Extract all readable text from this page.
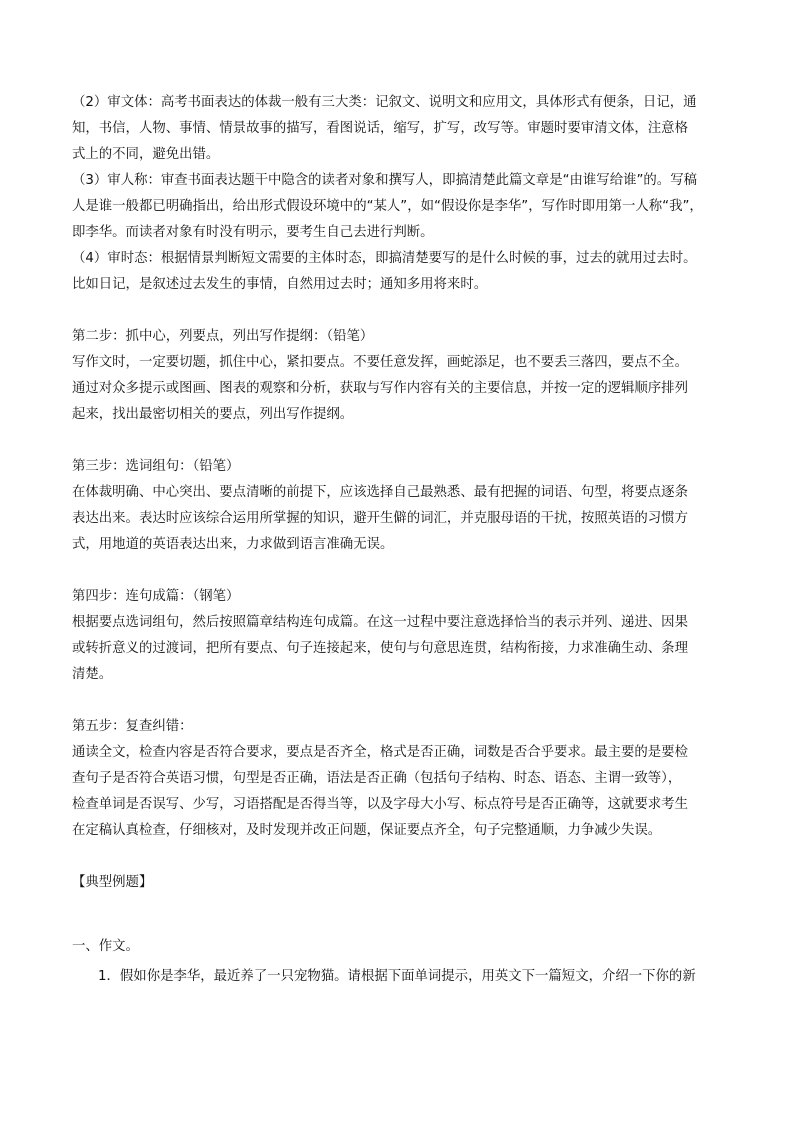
（2）审文体：高考书面表达的体裁一般有三大类：记叙文、说明文和应用文，具体形式有便条，日记，通

知，书信，人物、事情、情景故事的描写，看图说话，缩写，扩写，改写等。审题时要审清文体，注意格

式上的不同，避免出错。

（3）审人称：审查书面表达题干中隐含的读者对象和撰写人，即搞清楚此篇文章是“由谁写给谁”的。写稿

人是谁一般都已明确指出，给出形式假设环境中的“某人”，如“假设你是李华”，写作时即用第一人称“我”，

即李华。而读者对象有时没有明示，要考生自己去进行判断。

（4）审时态：根据情景判断短文需要的主体时态，即搞清楚要写的是什么时候的事，过去的就用过去时。

比如日记，是叙述过去发生的事情，自然用过去时；通知多用将来时。

第二步：抓中心，列要点，列出写作提纲：（铅笔）

写作文时，一定要切题，抓住中心，紧扣要点。不要任意发挥，画蛇添足，也不要丢三落四，要点不全。

通过对众多提示或图画、图表的观察和分析，获取与写作内容有关的主要信息，并按一定的逻辑顺序排列

起来，找出最密切相关的要点，列出写作提纲。

第三步：选词组句：（铅笔）

在体裁明确、中心突出、要点清晰的前提下，应该选择自己最熟悉、最有把握的词语、句型，将要点逐条

表达出来。表达时应该综合运用所掌握的知识，避开生僻的词汇，并克服母语的干扰，按照英语的习惯方

式，用地道的英语表达出来，力求做到语言准确无误。

第四步：连句成篇：（钢笔）

根据要点选词组句，然后按照篇章结构连句成篇。在这一过程中要注意选择恰当的表示并列、递进、因果

或转折意义的过渡词，把所有要点、句子连接起来，使句与句意思连贯，结构衔接，力求准确生动、条理

清楚。

第五步：复查纠错：

通读全文，检查内容是否符合要求，要点是否齐全，格式是否正确，词数是否合乎要求。最主要的是要检

查句子是否符合英语习惯，句型是否正确，语法是否正确（包括句子结构、时态、语态、主谓一致等），

检查单词是否误写、少写，习语搭配是否得当等，以及字母大小写、标点符号是否正确等，这就要求考生

在定稿认真检查，仔细核对，及时发现并改正问题，保证要点齐全，句子完整通顺，力争减少失误。

【典型例题】

一、作文。

1．假如你是李华，最近养了一只宠物猫。请根据下面单词提示，用英文下一篇短文，介绍一下你的新
